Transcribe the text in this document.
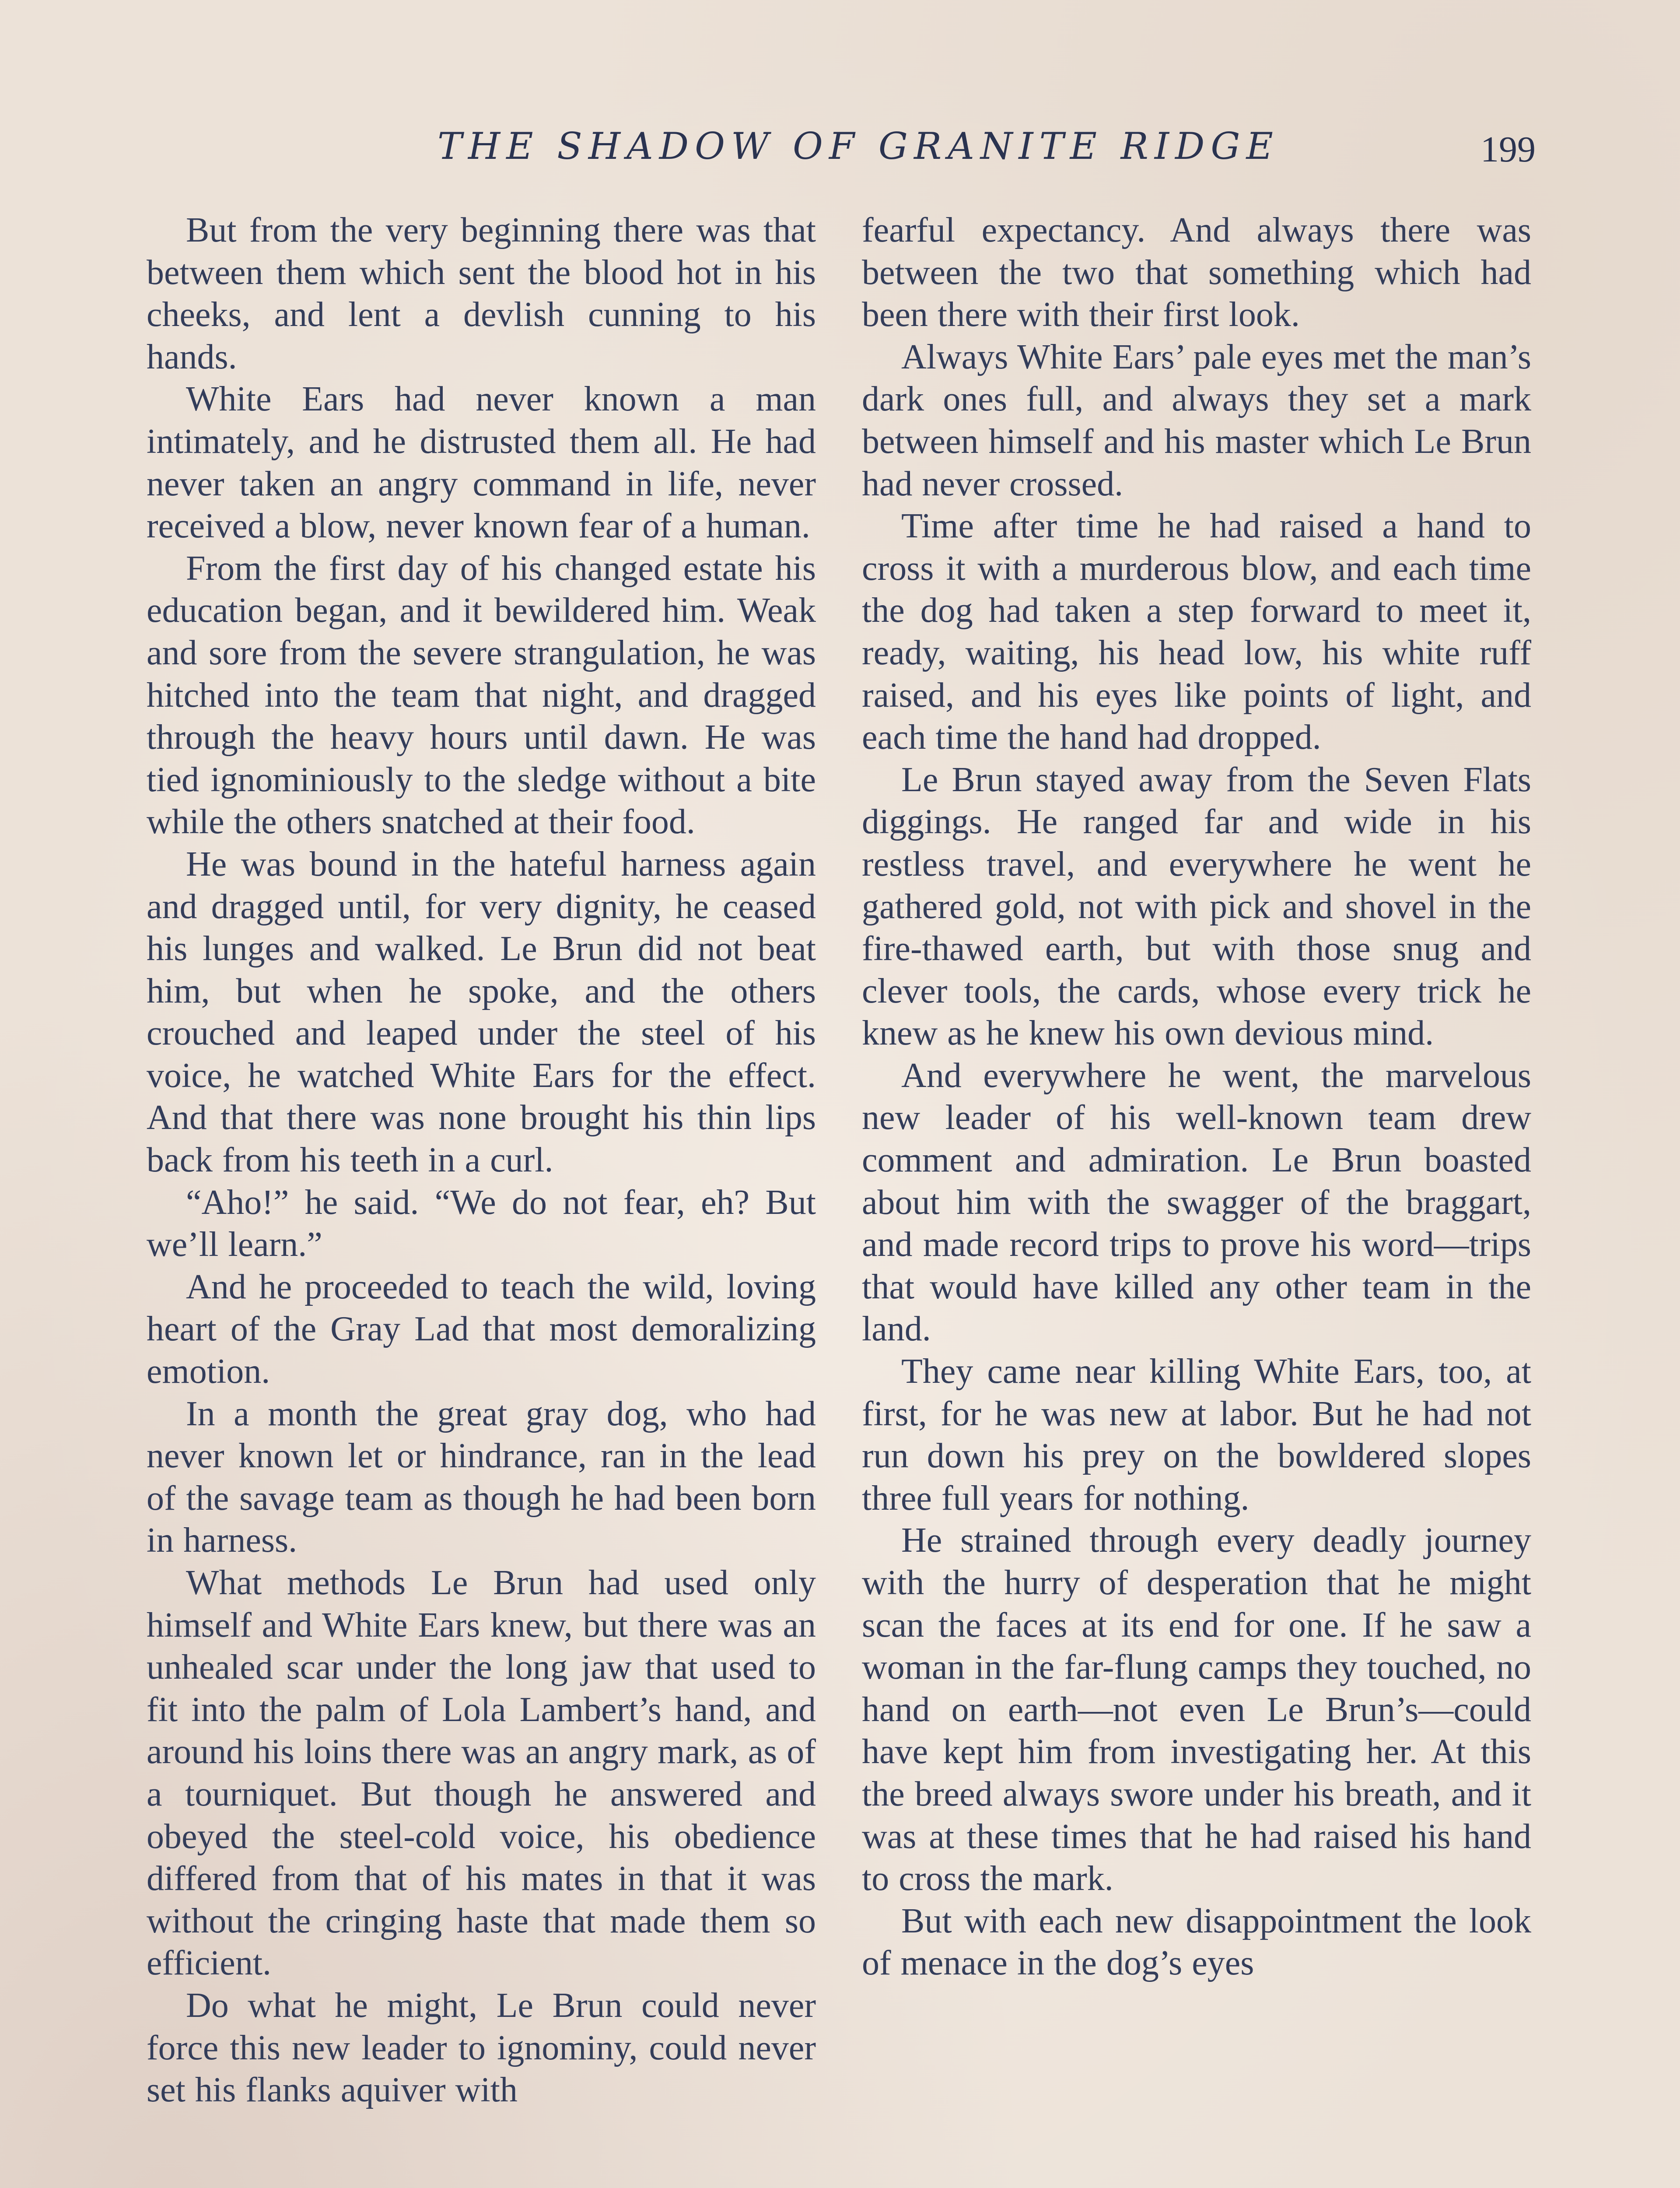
THE SHADOW OF GRANITE RIDGE	199

But from the very beginning there was that between them which sent the blood hot in his cheeks, and lent a devlish cunning to his hands.

White Ears had never known a man intimately, and he distrusted them all. He had never taken an angry command in life, never received a blow, never known fear of a human.

From the first day of his changed estate his education began, and it bewildered him. Weak and sore from the severe strangulation, he was hitched into the team that night, and dragged through the heavy hours until dawn. He was tied ignominiously to the sledge without a bite while the others snatched at their food.

He was bound in the hateful harness again and dragged until, for very dignity, he ceased his lunges and walked. Le Brun did not beat him, but when he spoke, and the others crouched and leaped under the steel of his voice, he watched White Ears for the effect. And that there was none brought his thin lips back from his teeth in a curl.

“Aho!” he said. “We do not fear, eh? But we’ll learn.”

And he proceeded to teach the wild, loving heart of the Gray Lad that most demoralizing emotion.

In a month the great gray dog, who had never known let or hindrance, ran in the lead of the savage team as though he had been born in harness.

What methods Le Brun had used only himself and White Ears knew, but there was an unhealed scar under the long jaw that used to fit into the palm of Lola Lambert’s hand, and around his loins there was an angry mark, as of a tourniquet. But though he answered and obeyed the steel-cold voice, his obedience differed from that of his mates in that it was without the cringing haste that made them so efficient.

Do what he might, Le Brun could never force this new leader to ignominy, could never set his flanks aquiver with

fearful expectancy. And always there was between the two that something which had been there with their first look.

Always White Ears’ pale eyes met the man’s dark ones full, and always they set a mark between himself and his master which Le Brun had never crossed.

Time after time he had raised a hand to cross it with a murderous blow, and each time the dog had taken a step forward to meet it, ready, waiting, his head low, his white ruff raised, and his eyes like points of light, and each time the hand had dropped.

Le Brun stayed away from the Seven Flats diggings. He ranged far and wide in his restless travel, and everywhere he went he gathered gold, not with pick and shovel in the fire-thawed earth, but with those snug and clever tools, the cards, whose every trick he knew as he knew his own devious mind.

And everywhere he went, the marvelous new leader of his well-known team drew comment and admiration. Le Brun boasted about him with the swagger of the braggart, and made record trips to prove his word—trips that would have killed any other team in the land.

They came near killing White Ears, too, at first, for he was new at labor. But he had not run down his prey on the bowldered slopes three full years for nothing.

He strained through every deadly journey with the hurry of desperation that he might scan the faces at its end for one. If he saw a woman in the far-flung camps they touched, no hand on earth—not even Le Brun’s—could have kept him from investigating her. At this the breed always swore under his breath, and it was at these times that he had raised his hand to cross the mark.

But with each new disappointment the look of menace in the dog’s eyes
